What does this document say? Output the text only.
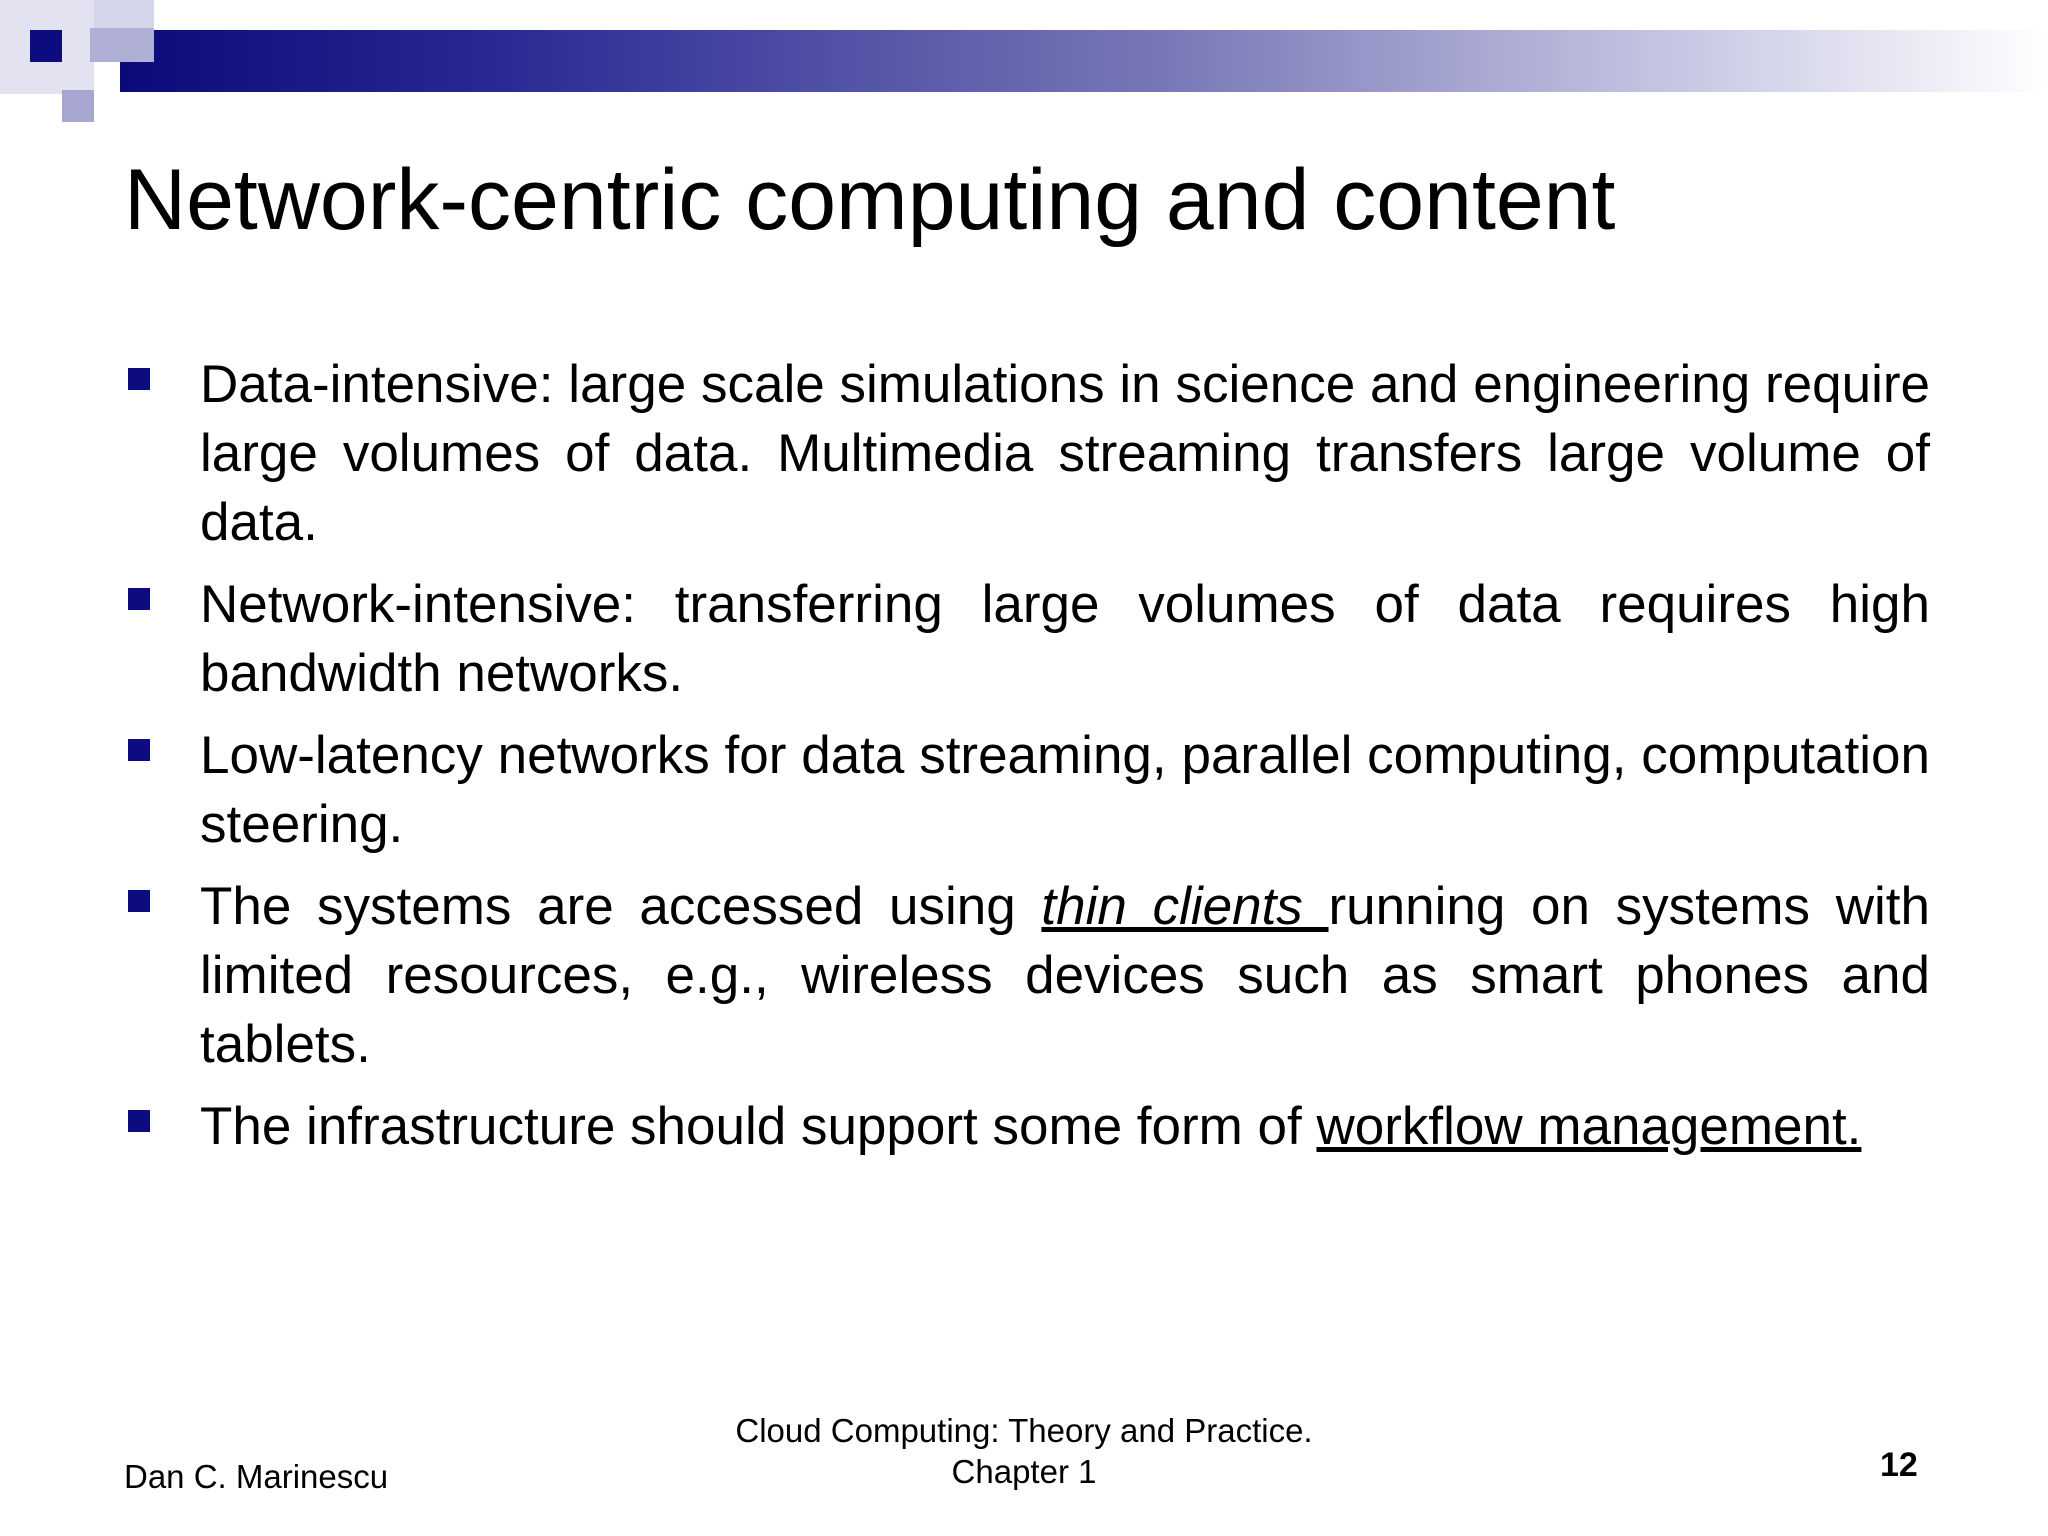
Network-centric computing and content
Data-intensive: large scale simulations in science and engineering require large volumes of data. Multimedia streaming transfers large volume of data.
Network-intensive: transferring large volumes of data requires high bandwidth networks.
Low-latency networks for data streaming, parallel computing, computation steering.
The systems are accessed using thin clients running on systems with limited resources, e.g., wireless devices such as smart phones and tablets.
The infrastructure should support some form of workflow management.
Dan C. Marinescu
Cloud Computing: Theory and Practice.
Chapter 1	12
